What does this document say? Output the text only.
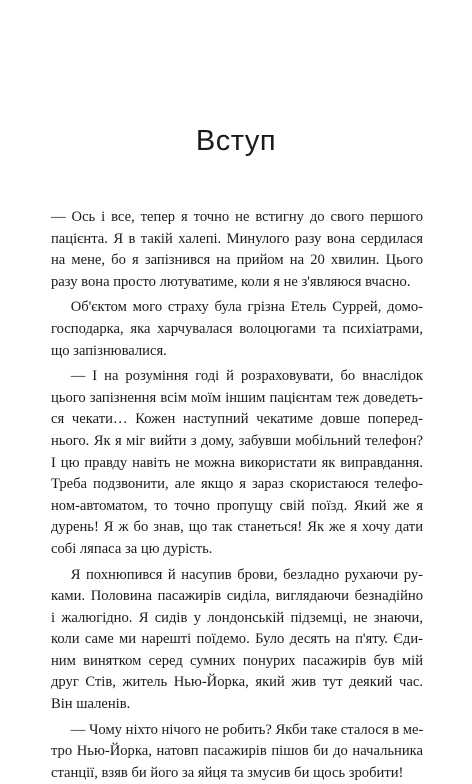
Вступ

— Ось і все, тепер я точно не встигну до свого першого
пацієнта. Я в такій халепі. Минулого разу вона сердилася
на мене, бо я запізнився на прийом на 20 хвилин. Цього
разу вона просто лютуватиме, коли я не з'являюся вчасно.

Об'єктом мого страху була грізна Етель Суррей, домо-
господарка, яка харчувалася волоцюгами та психіатрами,
що запізнювалися.

— І на розуміння годі й розраховувати, бо внаслідок
цього запізнення всім моїм іншим пацієнтам теж доведеть-
ся чекати… Кожен наступний чекатиме довше поперед-
нього. Як я міг вийти з дому, забувши мобільний телефон?
І цю правду навіть не можна використати як виправдання.
Треба подзвонити, але якщо я зараз скористаюся телефо-
ном-автоматом, то точно пропущу свій поїзд. Який же я
дурень! Я ж бо знав, що так станеться! Як же я хочу дати
собі ляпаса за цю дурість.

Я похнюпився й насупив брови, безладно рухаючи ру-
ками. Половина пасажирів сиділа, виглядаючи безнадійно
і жалюгідно. Я сидів у лондонській підземці, не знаючи,
коли саме ми нарешті поїдемо. Було десять на п'яту. Єди-
ним винятком серед сумних понурих пасажирів був мій
друг Стів, житель Нью-Йорка, який жив тут деякий час.
Він шаленів.

— Чому ніхто нічого не робить? Якби таке сталося в ме-
тро Нью-Йорка, натовп пасажирів пішов би до начальника
станції, взяв би його за яйця та змусив би щось зробити!
